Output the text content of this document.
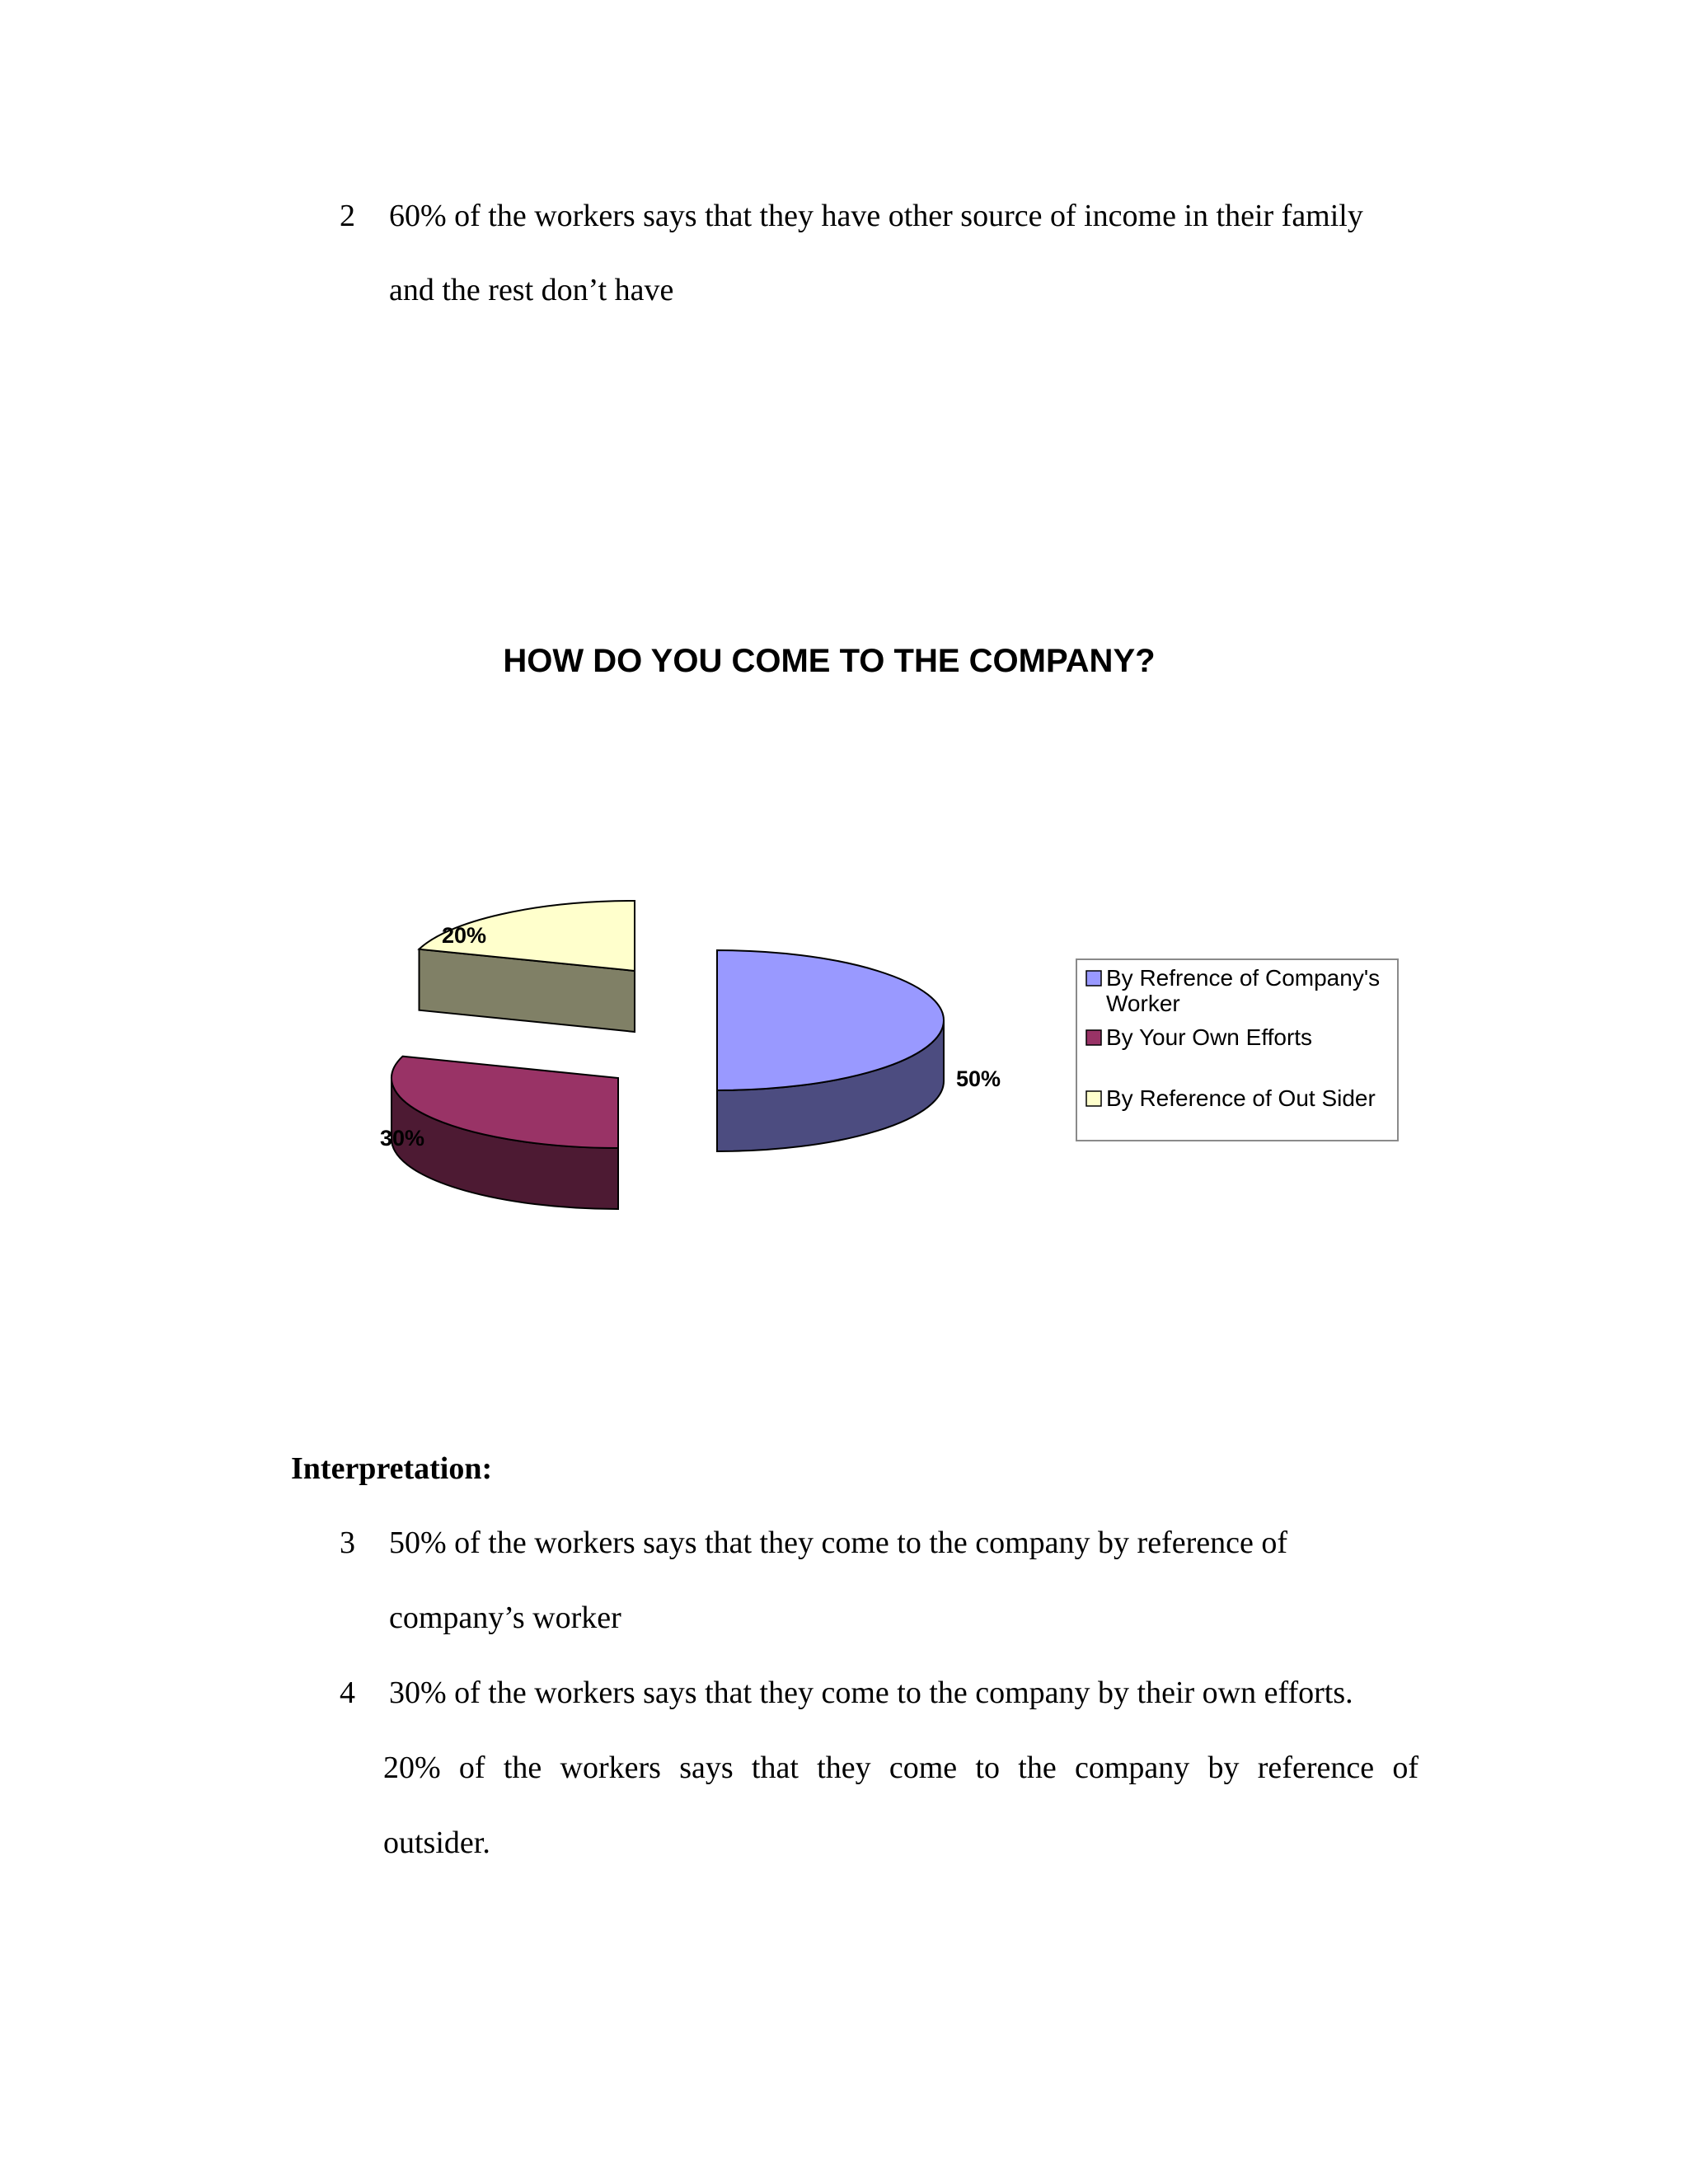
2 60% of the workers says that they have other source of income in their family
and the rest don’t have
HOW DO YOU COME TO THE COMPANY?
20%
30%
50%
By Refrence of Company's
Worker
By Your Own Efforts
By Reference of Out Sider
Interpretation:
3 50% of the workers says that they come to the company by reference of
company’s worker
4 30% of the workers says that they come to the company by their own efforts.
20% of the workers says that they come to the company by reference of
outsider.
